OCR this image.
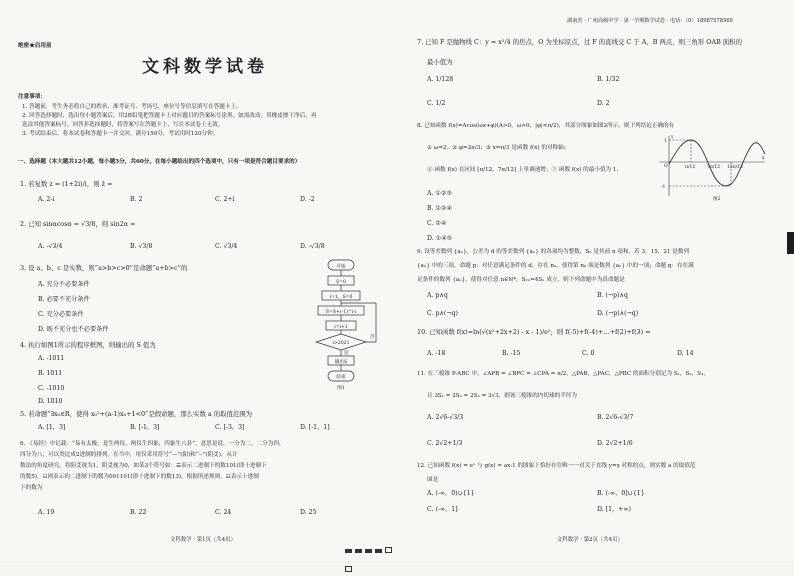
绝密★启用前
文科数学试卷
注意事项：
1. 答题前，考生务必将自己的姓名、准考证号、考场号、座位号等信息填写在答题卡上。
2. 回答选择题时，选出每小题答案后，用2B铅笔把答题卡上对应题目的答案标号涂黑。如需改动，用橡皮擦干净后，再
选涂其他答案标号。回答非选择题时，将答案写在答题卡上，写在本试卷上无效。
3. 考试结束后，将本试卷和答题卡一并交回。满分150分，考试用时120分钟。
一、选择题（本大题共12小题，每小题5分，共60分。在每小题给出的四个选项中，只有一项是符合题目要求的）
1. 若复数 z = (1+2i)/i，则 z̄ =
A. 2-i	B. 2	C. 2+i	D. -2
2. 已知 sinαcosα = √3/8，则 sin2α =
A. -√3/4	B. √3/8	C. √3/4	D. -√3/8
3. 设 a、b、c 是实数，则“a>b>c>0”是命题“a+b>c”的
A. 充分不必要条件
B. 必要不充分条件
C. 充分必要条件
D. 既不充分也不必要条件
4. 执行如图1所示的程序框图，则输出的 S 值为
A. -1011
B. 1011
C. -1010
D. 1010
开始
S=0
i=1，S=0
S=S+(-1)^i·i
i=i+1
i>2021
是
否
输出S
结束
图1
5. 若命题“∃x₀∈R，使得 x₀²+(a-1)x₀+1<0”是假命题，那么实数 a 的取值范围为
A. [1，3]	B. [-1，3]	C. [-3，3]	D. [-1，1]
6. 《易经》中记载：“易有太极，是生两仪，两仪生四象，四象生八卦”，意思是说，一分为二，二分为四，
四分为八，可以类比成2进制的排列。在当中，用仅采用符号“—”(阳)和“--”(阴爻)，从计
数法的角度研究，将阳爻视为1，阴爻视为0，如某3个符号如：☰表示二进制下的数101(即十进制下
的数5)，☷则表示的二进制下的数为001101(即十进制下的数13)，根据所述规则，☳表示十进制
下的数为
A. 19	B. 22	C. 24	D. 25
文科数学 · 第1页（共4页）
湖南省 · 广州高级中学 · 第一学期数学试卷 · 电话：（0）18987578565
7. 已知 F 是抛物线 C：y = x²/4 的焦点，O 为坐标原点，过 F 的直线交 C 于 A，B 两点，则三角形 OAB 面积的
最小值为
A. 1/128	B. 1/32
C. 1/2	D. 2
8. 已知函数 f(x)=Acos(ωx+φ)(A>0，ω>0，|φ|<π/2)，其部分图象如图2所示，则下列结论正确的有
① ω=2；② φ=2π/3；③ x=π/3 是函数 f(x) 的对称轴；
④ 函数 f(x) 在区间 [π/12，7π/12] 上单调递增；⑤ 函数 f(x) 的最小值为 1.
A. ①②③
B. ①②④
C. ②④
D. ①④⑤
1
-1
π/12	7π/12 13π/12
O
x
y
图2
9. 设等差数列 {aₙ}，公差为 d 的等差数列 {aₙ} 的各项均为整数，Sₙ 是其前 n 项和，若 3，15，21 是数列
{aₙ} 中的三项，命题 p：对任意满足条件的 d，存在 n₀，使得第 n₀ 项是数列 {aₙ} 中的一项；命题 q：存在满
足条件的数列 {aₙ}，使得对任意 n∈N*，S₂ₙ=4Sₙ 成立，则下列命题中为真命题是
A. p∧q	B. (¬p)∧q
C. p∧(¬q)	D. (¬p)∧(¬q)
10. 已知函数 f(x)=ln(√(x²+2x+2) - x - 1)/e²，则 f(-5)+f(-4)+…+f(2)+f(3) =
A. -18	B. -15	C. 0	D. 14
11. 在三棱锥 P-ABC 中，∠APB = ∠BPC = ∠CPA = π/2，△PAB，△PAC，△PBC 的面积分别记为 S₁，S₂，S₃，
且 3S₁ = 2S₂ = 2S₃ = 3√3，则该三棱锥的内切球的半径为
A. 2√6-√3/3	B. 2√6-√3/7
C. 2√2+1/3	D. 2√2+1/6
12. 已知函数 f(x) = eˣ 与 g(x) = ax-1 的图象上恰好存在唯一一对关于直线 y=x 对称的点，则实数 a 的取值范
围是
A. (-∞，0)∪{1}	B. (-∞，0]∪{1}
C. (-∞，1]	D. [1，+∞)
文科数学 · 第2页（共4页）
